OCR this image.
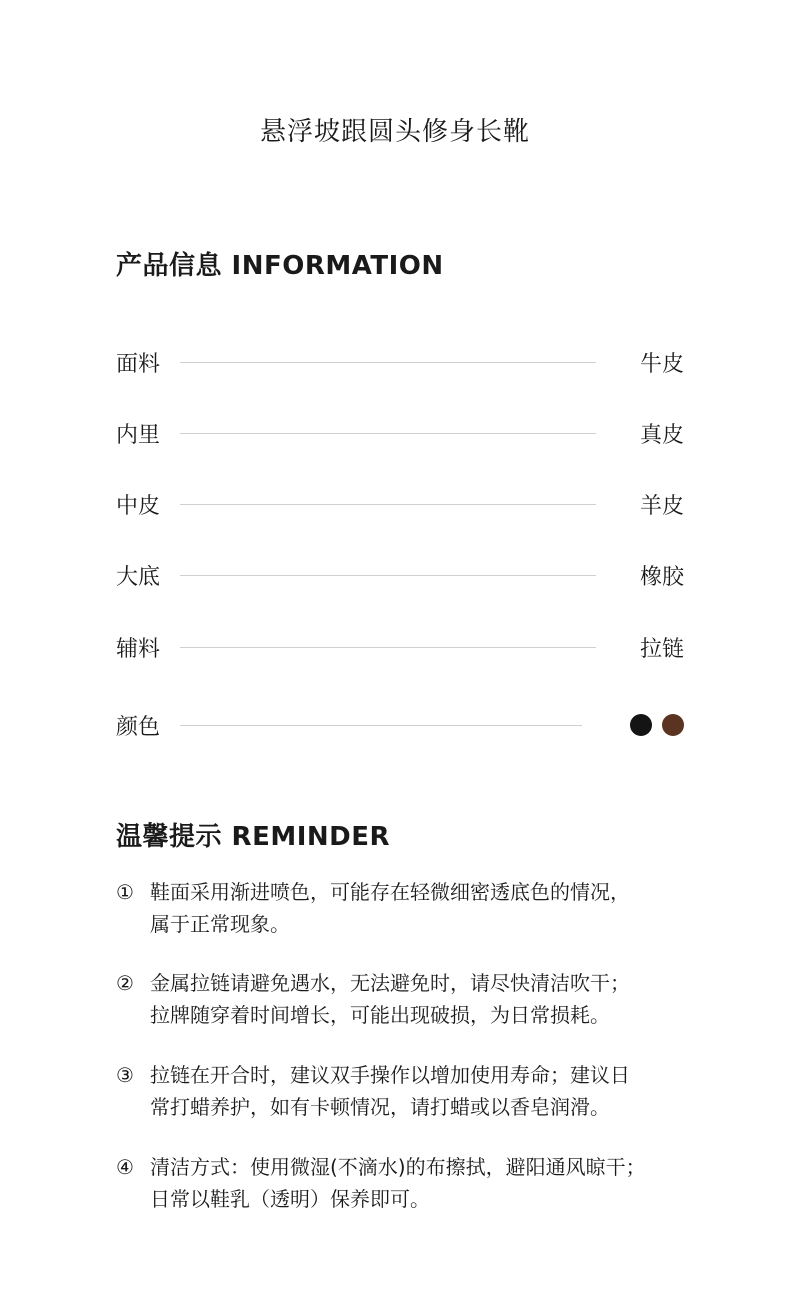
悬浮坡跟圆头修身长靴
产品信息 INFORMATION
面料	牛皮
内里	真皮
中皮	羊皮
大底	橡胶
辅料	拉链
颜色
温馨提示 REMINDER
① 鞋面采用渐进喷色，可能存在轻微细密透底色的情况，
属于正常现象。
② 金属拉链请避免遇水，无法避免时，请尽快清洁吹干；
拉牌随穿着时间增长，可能出现破损，为日常损耗。
③ 拉链在开合时，建议双手操作以增加使用寿命；建议日
常打蜡养护，如有卡顿情况，请打蜡或以香皂润滑。
④ 清洁方式：使用微湿(不滴水)的布擦拭，避阳通风晾干；
日常以鞋乳（透明）保养即可。
